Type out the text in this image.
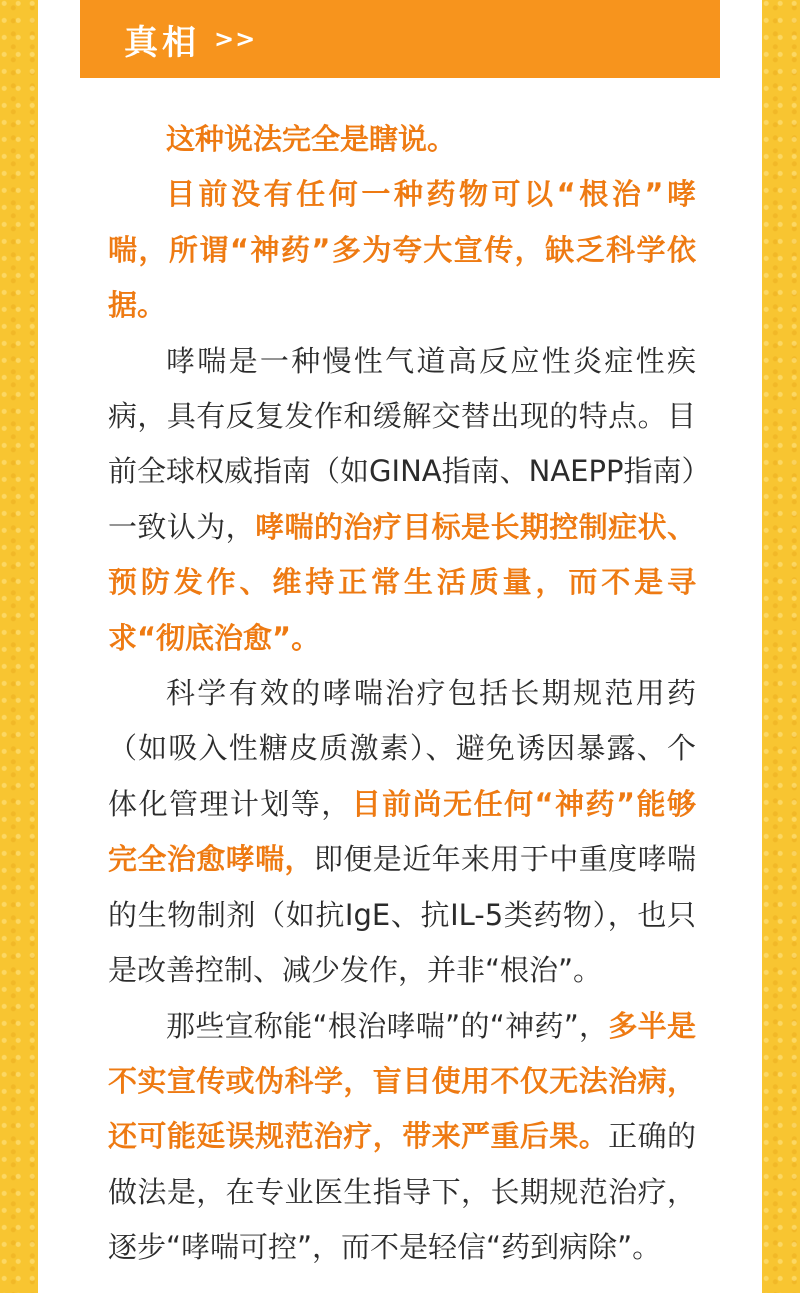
真相 >>

这种说法完全是瞎说。

目前没有任何一种药物可以“根治”哮喘，所谓“神药”多为夸大宣传，缺乏科学依据。

哮喘是一种慢性气道高反应性炎症性疾病，具有反复发作和缓解交替出现的特点。目前全球权威指南（如GINA指南、NAEPP指南）一致认为，哮喘的治疗目标是长期控制症状、预防发作、维持正常生活质量，而不是寻求“彻底治愈”。

科学有效的哮喘治疗包括长期规范用药（如吸入性糖皮质激素）、避免诱因暴露、个体化管理计划等，目前尚无任何“神药”能够完全治愈哮喘，即便是近年来用于中重度哮喘的生物制剂（如抗IgE、抗IL-5类药物），也只是改善控制、减少发作，并非“根治”。

那些宣称能“根治哮喘”的“神药”，多半是不实宣传或伪科学，盲目使用不仅无法治病，还可能延误规范治疗，带来严重后果。正确的做法是，在专业医生指导下，长期规范治疗，逐步“哮喘可控”，而不是轻信“药到病除”。
